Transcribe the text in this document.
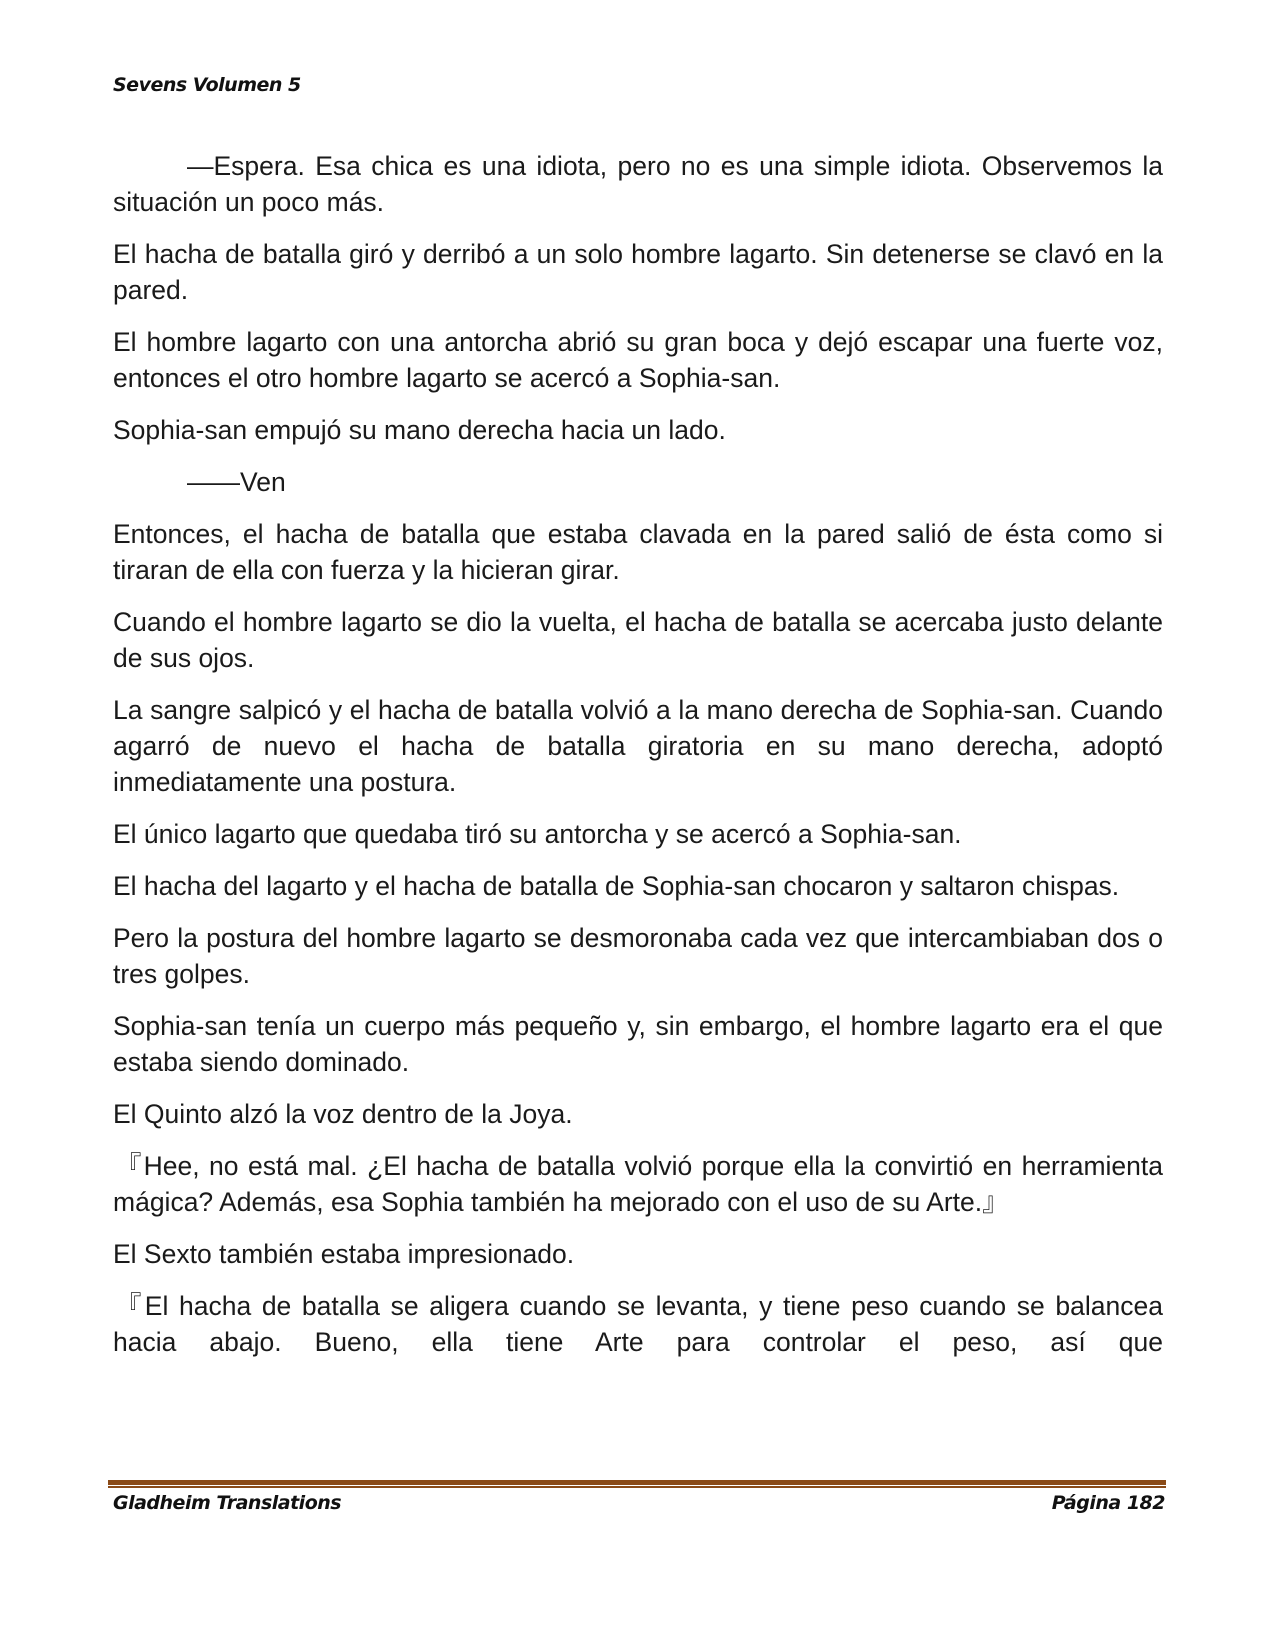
Sevens Volumen 5

—Espera. Esa chica es una idiota, pero no es una simple idiota. Observemos la situación un poco más.

El hacha de batalla giró y derribó a un solo hombre lagarto. Sin detenerse se clavó en la pared.

El hombre lagarto con una antorcha abrió su gran boca y dejó escapar una fuerte voz, entonces el otro hombre lagarto se acercó a Sophia-san.

Sophia-san empujó su mano derecha hacia un lado.

——Ven

Entonces, el hacha de batalla que estaba clavada en la pared salió de ésta como si tiraran de ella con fuerza y la hicieran girar.

Cuando el hombre lagarto se dio la vuelta, el hacha de batalla se acercaba justo delante de sus ojos.

La sangre salpicó y el hacha de batalla volvió a la mano derecha de Sophia-san. Cuando agarró de nuevo el hacha de batalla giratoria en su mano derecha, adoptó inmediatamente una postura.

El único lagarto que quedaba tiró su antorcha y se acercó a Sophia-san.

El hacha del lagarto y el hacha de batalla de Sophia-san chocaron y saltaron chispas.

Pero la postura del hombre lagarto se desmoronaba cada vez que intercambiaban dos o tres golpes.

Sophia-san tenía un cuerpo más pequeño y, sin embargo, el hombre lagarto era el que estaba siendo dominado.

El Quinto alzó la voz dentro de la Joya.

『Hee, no está mal. ¿El hacha de batalla volvió porque ella la convirtió en herramienta mágica? Además, esa Sophia también ha mejorado con el uso de su Arte.』

El Sexto también estaba impresionado.

『El hacha de batalla se aligera cuando se levanta, y tiene peso cuando se balancea hacia abajo. Bueno, ella tiene Arte para controlar el peso, así que

Gladheim Translations	Página 182
